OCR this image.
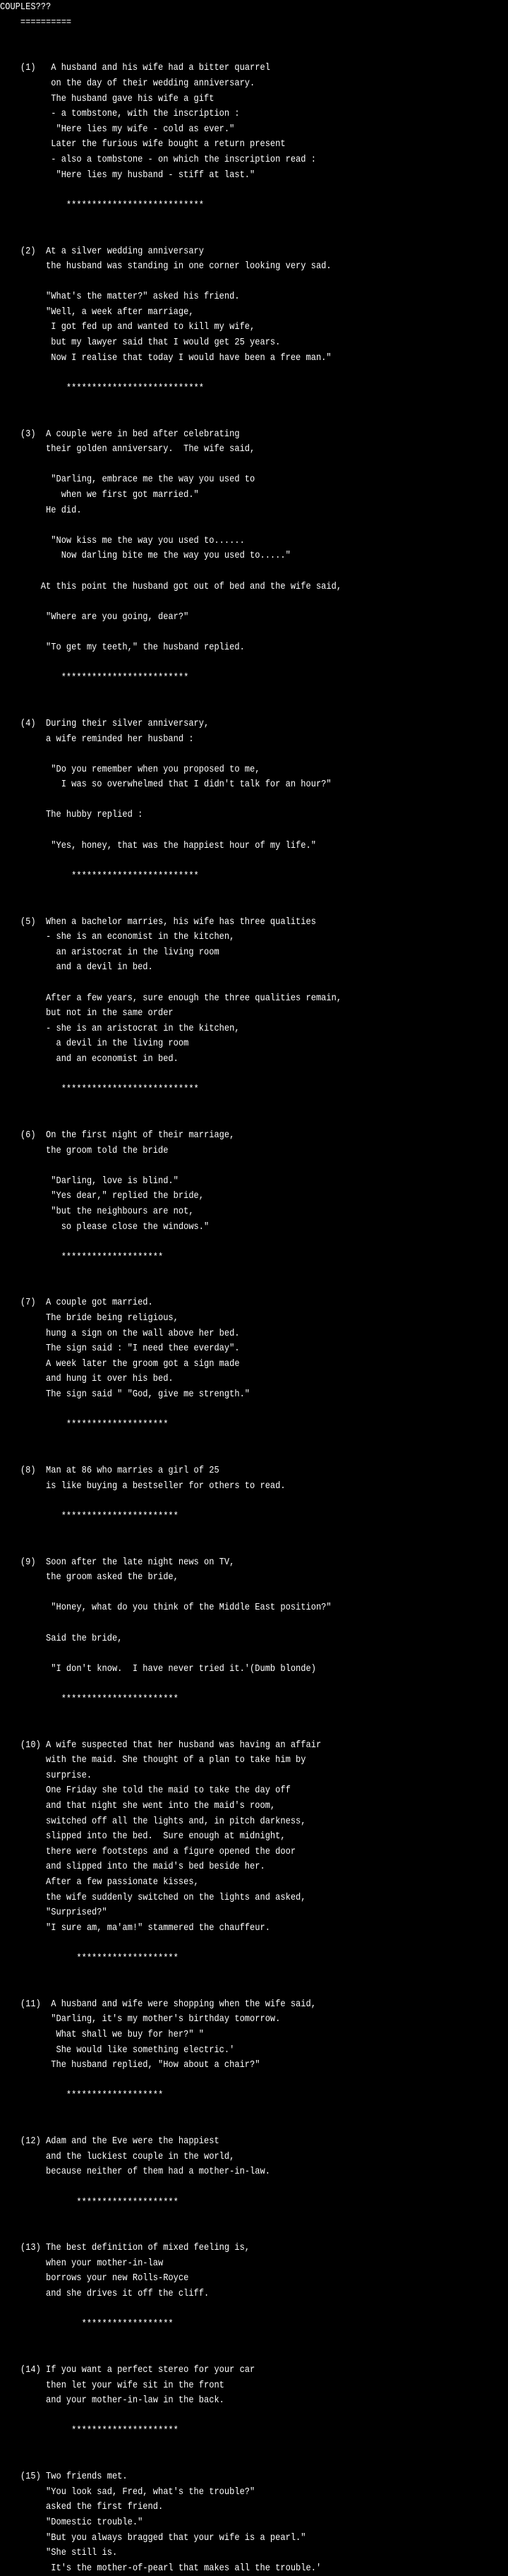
COUPLES???
==========
(1)   A husband and his wife had a bitter quarrel
on the day of their wedding anniversary.
The husband gave his wife a gift
- a tombstone, with the inscription :
"Here lies my wife - cold as ever."
Later the furious wife bought a return present
- also a tombstone - on which the inscription read :
"Here lies my husband - stiff at last."
***************************
(2)  At a silver wedding anniversary
the husband was standing in one corner looking very sad.
"What's the matter?" asked his friend.
"Well, a week after marriage,
I got fed up and wanted to kill my wife,
but my lawyer said that I would get 25 years.
Now I realise that today I would have been a free man."
***************************
(3)  A couple were in bed after celebrating
their golden anniversary.  The wife said,
"Darling, embrace me the way you used to
when we first got married."
He did.
"Now kiss me the way you used to......
Now darling bite me the way you used to....."
At this point the husband got out of bed and the wife said,
"Where are you going, dear?"
"To get my teeth," the husband replied.
*************************
(4)  During their silver anniversary,
a wife reminded her husband :
"Do you remember when you proposed to me,
I was so overwhelmed that I didn't talk for an hour?"
The hubby replied :
"Yes, honey, that was the happiest hour of my life."
*************************
(5)  When a bachelor marries, his wife has three qualities
- she is an economist in the kitchen,
an aristocrat in the living room
and a devil in bed.
After a few years, sure enough the three qualities remain,
but not in the same order
- she is an aristocrat in the kitchen,
a devil in the living room
and an economist in bed.
***************************
(6)  On the first night of their marriage,
the groom told the bride
"Darling, love is blind."
"Yes dear," replied the bride,
"but the neighbours are not,
so please close the windows."
********************
(7)  A couple got married.
The bride being religious,
hung a sign on the wall above her bed.
The sign said : "I need thee everday".
A week later the groom got a sign made
and hung it over his bed.
The sign said " "God, give me strength."
********************
(8)  Man at 86 who marries a girl of 25
is like buying a bestseller for others to read.
***********************
(9)  Soon after the late night news on TV,
the groom asked the bride,
"Honey, what do you think of the Middle East position?"
Said the bride,
"I don't know.  I have never tried it.'(Dumb blonde)
***********************
(10) A wife suspected that her husband was having an affair
with the maid. She thought of a plan to take him by
surprise.
One Friday she told the maid to take the day off
and that night she went into the maid's room,
switched off all the lights and, in pitch darkness,
slipped into the bed.  Sure enough at midnight,
there were footsteps and a figure opened the door
and slipped into the maid's bed beside her.
After a few passionate kisses,
the wife suddenly switched on the lights and asked,
"Surprised?"
"I sure am, ma'am!" stammered the chauffeur.
********************
(11)  A husband and wife were shopping when the wife said,
"Darling, it's my mother's birthday tomorrow.
What shall we buy for her?" "
She would like something electric.'
The husband replied, "How about a chair?"
*******************
(12) Adam and the Eve were the happiest
and the luckiest couple in the world,
because neither of them had a mother-in-law.
********************
(13) The best definition of mixed feeling is,
when your mother-in-law
borrows your new Rolls-Royce
and she drives it off the cliff.
******************
(14) If you want a perfect stereo for your car
then let your wife sit in the front
and your mother-in-law in the back.
*********************
(15) Two friends met.
"You look sad, Fred, what's the trouble?"
asked the first friend.
"Domestic trouble."
"But you always bragged that your wife is a pearl."
"She still is.
It's the mother-of-pearl that makes all the trouble.'
